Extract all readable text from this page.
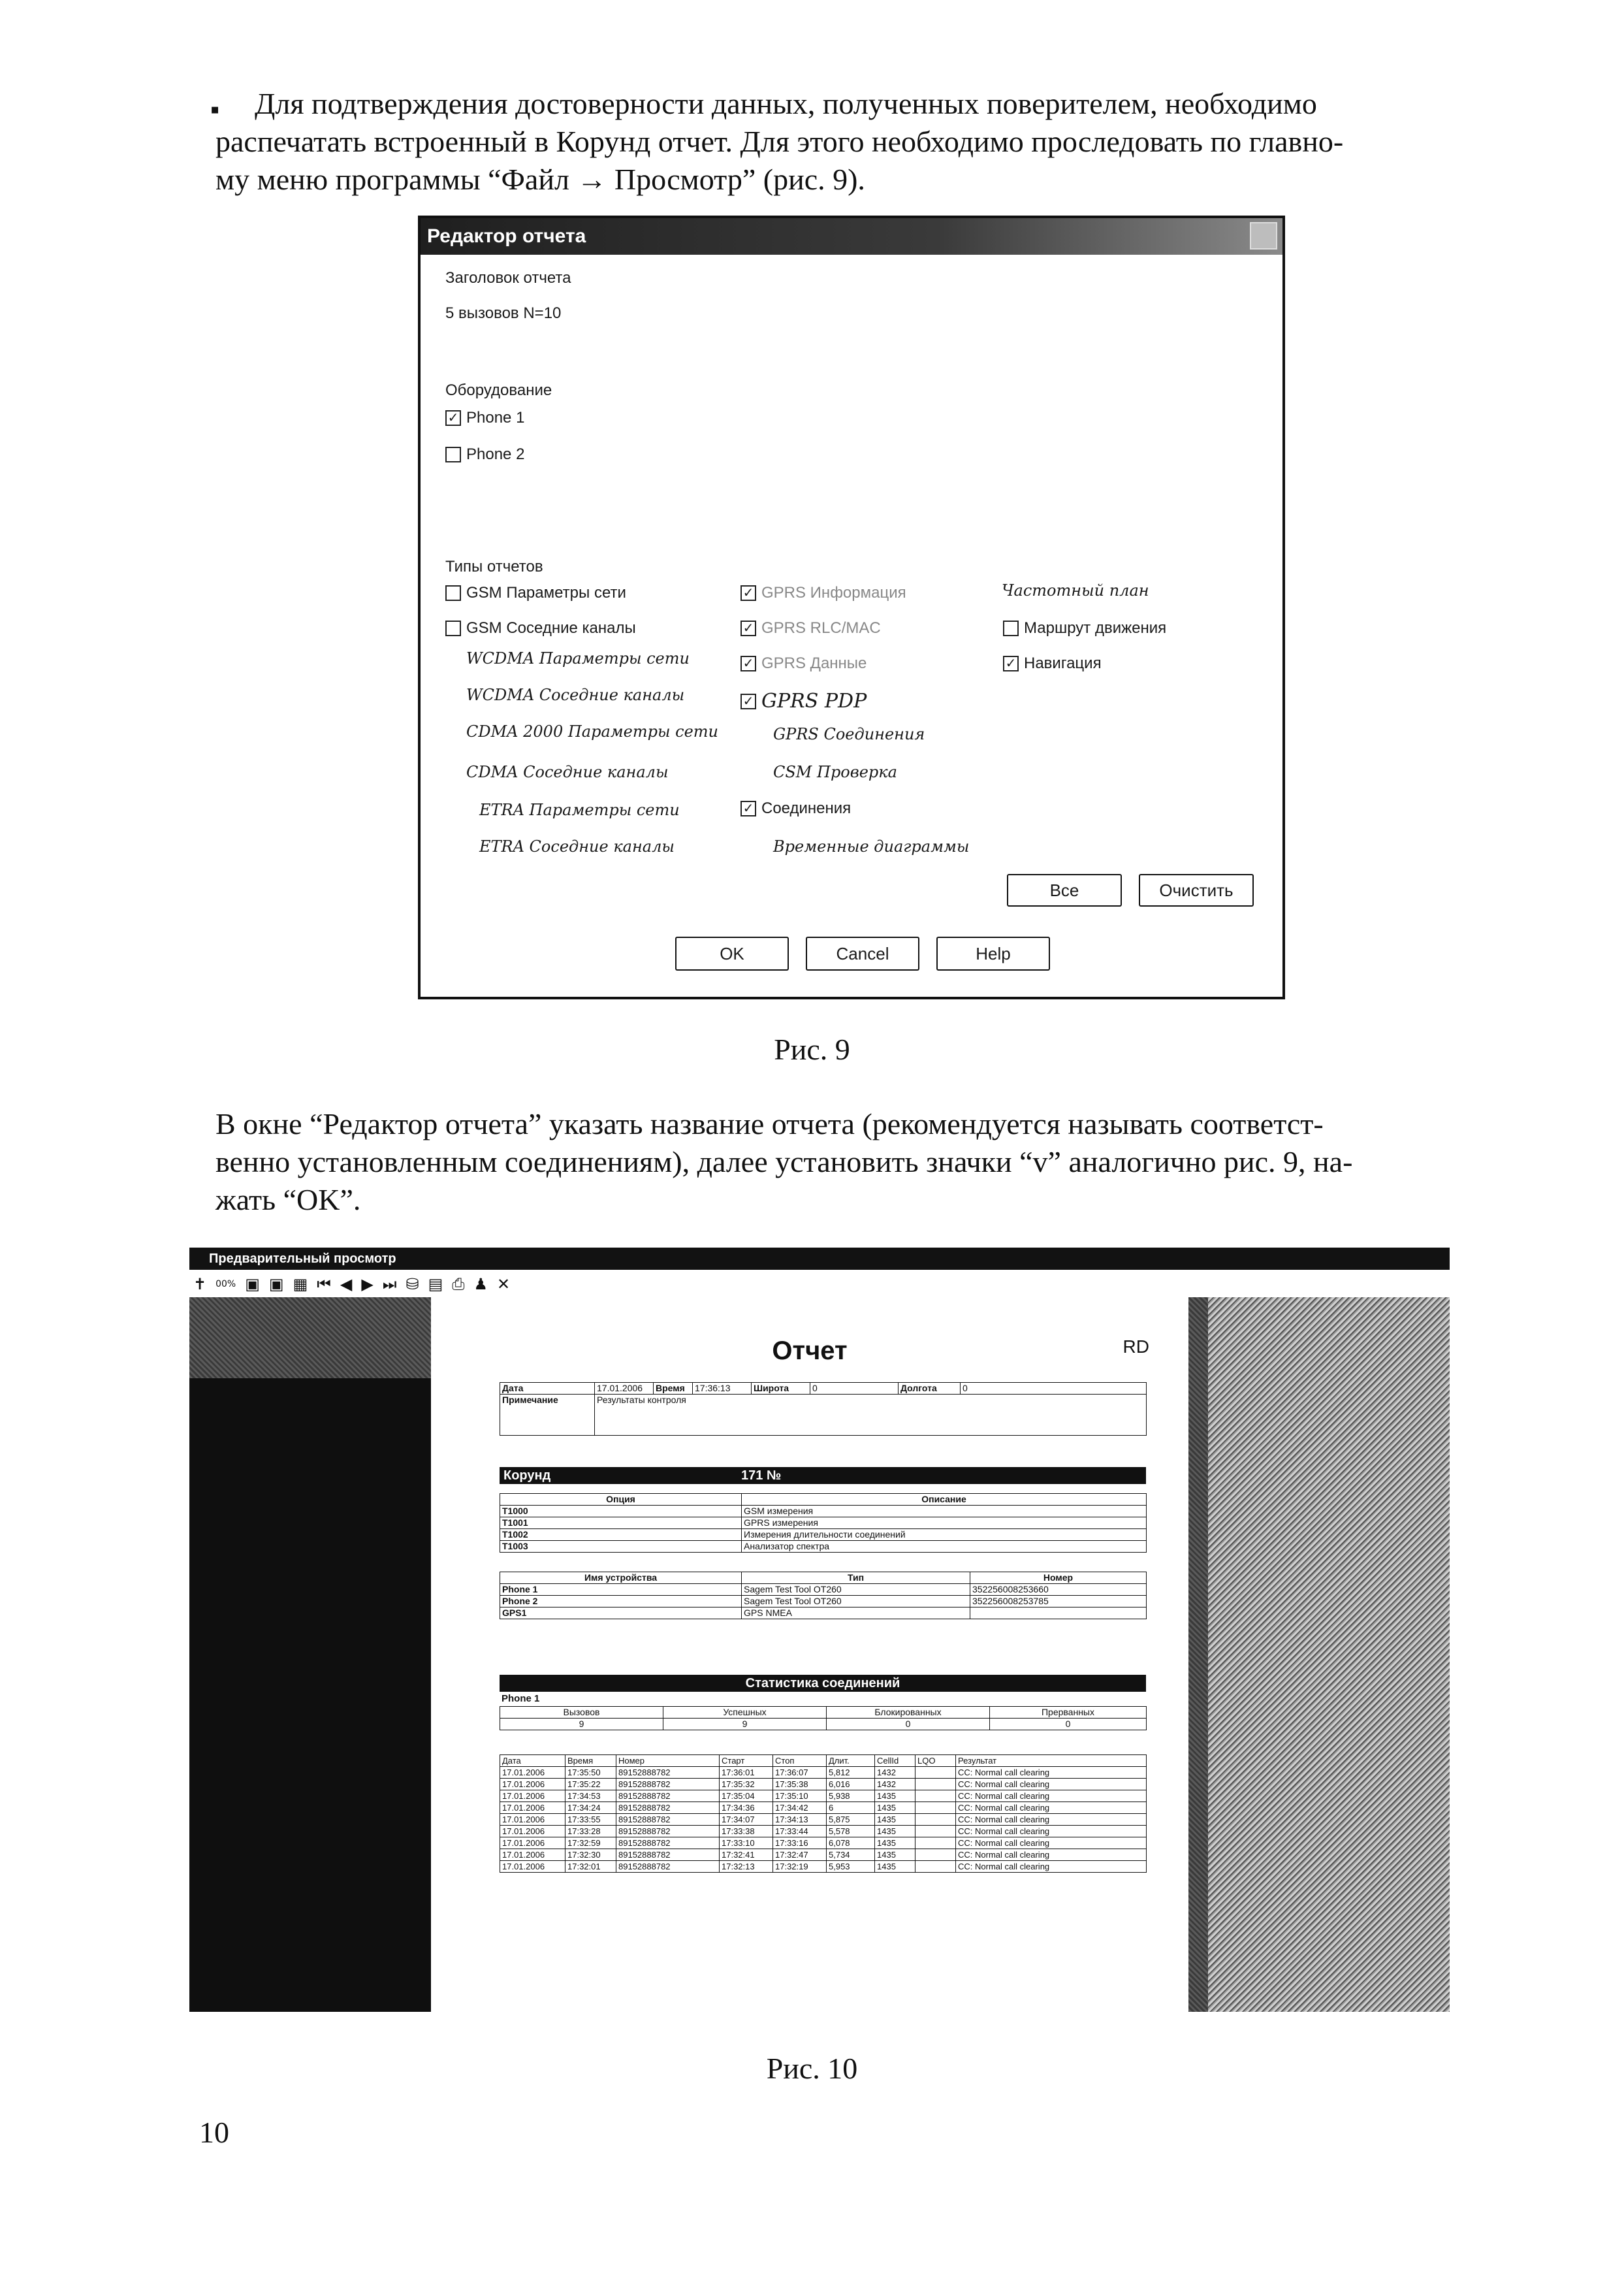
▪	Для подтверждения достоверности данных, полученных поверителем, необходимо
распечатать встроенный в Корунд отчет. Для этого необходимо проследовать по главно-
му меню программы “Файл → Просмотр” (рис. 9).

Редактор отчета
Заголовок отчета
5 вызовов N=10
Оборудование
✓ Phone 1
Phone 2
Типы отчетов
GSM Параметры сети
GSM Соседние каналы
WCDMA Параметры сети
WCDMA Соседние каналы
CDMA 2000 Параметры сети
CDMA Соседние каналы
ETRA Параметры сети
ETRA Соседние каналы
✓ GPRS Информация
✓ GPRS RLC/MAC
✓ GPRS Данные
✓ GPRS PDP
GPRS Соединения
CSM Проверка
✓ Соединения
Временные диаграммы
Частотный план
Маршрут движения
✓ Навигация
Все	Очистить
OK	Cancel	Help
Рис. 9

В окне “Редактор отчета” указать название отчета (рекомендуется называть соответст-
венно установленным соединениям), далее установить значки “v” аналогично рис. 9, на-
жать “OK”.

Предварительный просмотр
✝ 00% ▣ ▣ ▦ ⏮ ◀ ▶ ⏭ ⛁ ▤ ⎙ ♟ ✕
Отчет	RD
Дата	17.01.2006	Время	17:36:13	Широта	0	Долгота	0
Примечание	Результаты контроля						
Корунд	171 №
Опция	Описание
T1000	GSM измерения
T1001	GPRS измерения
T1002	Измерения длительности соединений
T1003	Анализатор спектра
Имя устройства	Тип	Номер
Phone 1	Sagem Test Tool OT260	352256008253660
Phone 2	Sagem Test Tool OT260	352256008253785
GPS1	GPS NMEA	
Статистика соединений
Phone 1
Вызовов	Успешных	Блокированных	Прерванных
9	9	0	0
Дата	Время	Номер	Старт	Стоп	Длит.	CellId	LQO	Результат
17.01.2006	17:35:50	89152888782	17:36:01	17:36:07	5,812	1432		CC: Normal call clearing
17.01.2006	17:35:22	89152888782	17:35:32	17:35:38	6,016	1432		CC: Normal call clearing
17.01.2006	17:34:53	89152888782	17:35:04	17:35:10	5,938	1435		CC: Normal call clearing
17.01.2006	17:34:24	89152888782	17:34:36	17:34:42	6	1435		CC: Normal call clearing
17.01.2006	17:33:55	89152888782	17:34:07	17:34:13	5,875	1435		CC: Normal call clearing
17.01.2006	17:33:28	89152888782	17:33:38	17:33:44	5,578	1435		CC: Normal call clearing
17.01.2006	17:32:59	89152888782	17:33:10	17:33:16	6,078	1435		CC: Normal call clearing
17.01.2006	17:32:30	89152888782	17:32:41	17:32:47	5,734	1435		CC: Normal call clearing
17.01.2006	17:32:01	89152888782	17:32:13	17:32:19	5,953	1435		CC: Normal call clearing
Рис. 10
10
